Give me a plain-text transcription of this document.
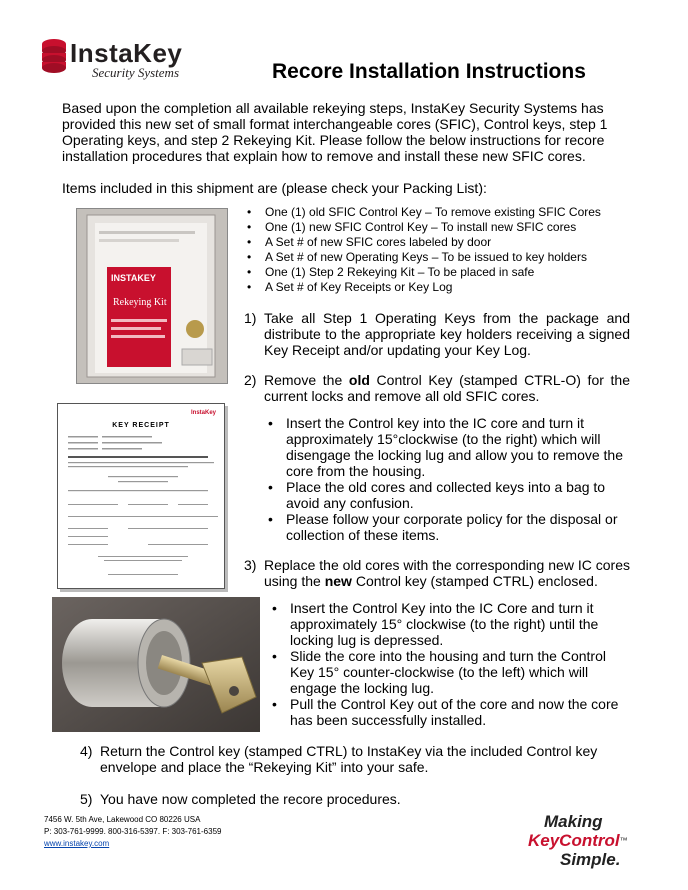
InstaKey
Security Systems	Recore Installation Instructions
Based upon the completion all available rekeying steps, InstaKey Security Systems has provided this new set of small format interchangeable cores (SFIC), Control keys, step 1 Operating keys, and step 2 Rekeying Kit. Please follow the below instructions for recore installation procedures that explain how to remove and install these new SFIC cores.
Items included in this shipment are (please check your Packing List):
INSTAKEY
Rekeying Kit
InstaKey
KEY RECEIPT
• One (1) old SFIC Control Key – To remove existing SFIC Cores
• One (1) new SFIC Control Key – To install new SFIC cores
• A Set # of new SFIC cores labeled by door
• A Set # of new Operating Keys – To be issued to key holders
• One (1) Step 2 Rekeying Kit – To be placed in safe
• A Set # of Key Receipts or Key Log
1) Take all Step 1 Operating Keys from the package and distribute to the appropriate key holders receiving a signed Key Receipt and/or updating your Key Log.
2) Remove the old Control Key (stamped CTRL-O) for the current locks and remove all old SFIC cores.
• Insert the Control key into the IC core and turn it approximately 15°clockwise (to the right) which will disengage the locking lug and allow you to remove the core from the housing.
• Place the old cores and collected keys into a bag to avoid any confusion.
• Please follow your corporate policy for the disposal or collection of these items.
3) Replace the old cores with the corresponding new IC cores using the new Control key (stamped CTRL) enclosed.
• Insert the Control Key into the IC Core and turn it approximately 15° clockwise (to the right) until the locking lug is depressed.
• Slide the core into the housing and turn the Control Key 15° counter-clockwise (to the left) which will engage the locking lug.
• Pull the Control Key out of the core and now the core has been successfully installed.
4) Return the Control key (stamped CTRL) to InstaKey via the included Control key envelope and place the “Rekeying Kit” into your safe.
5) You have now completed the recore procedures.
7456 W. 5th Ave, Lakewood CO 80226 USA
P: 303-761-9999. 800-316-5397. F: 303-761-6359
www.instakey.com
Making
KeyControl™
Simple.
